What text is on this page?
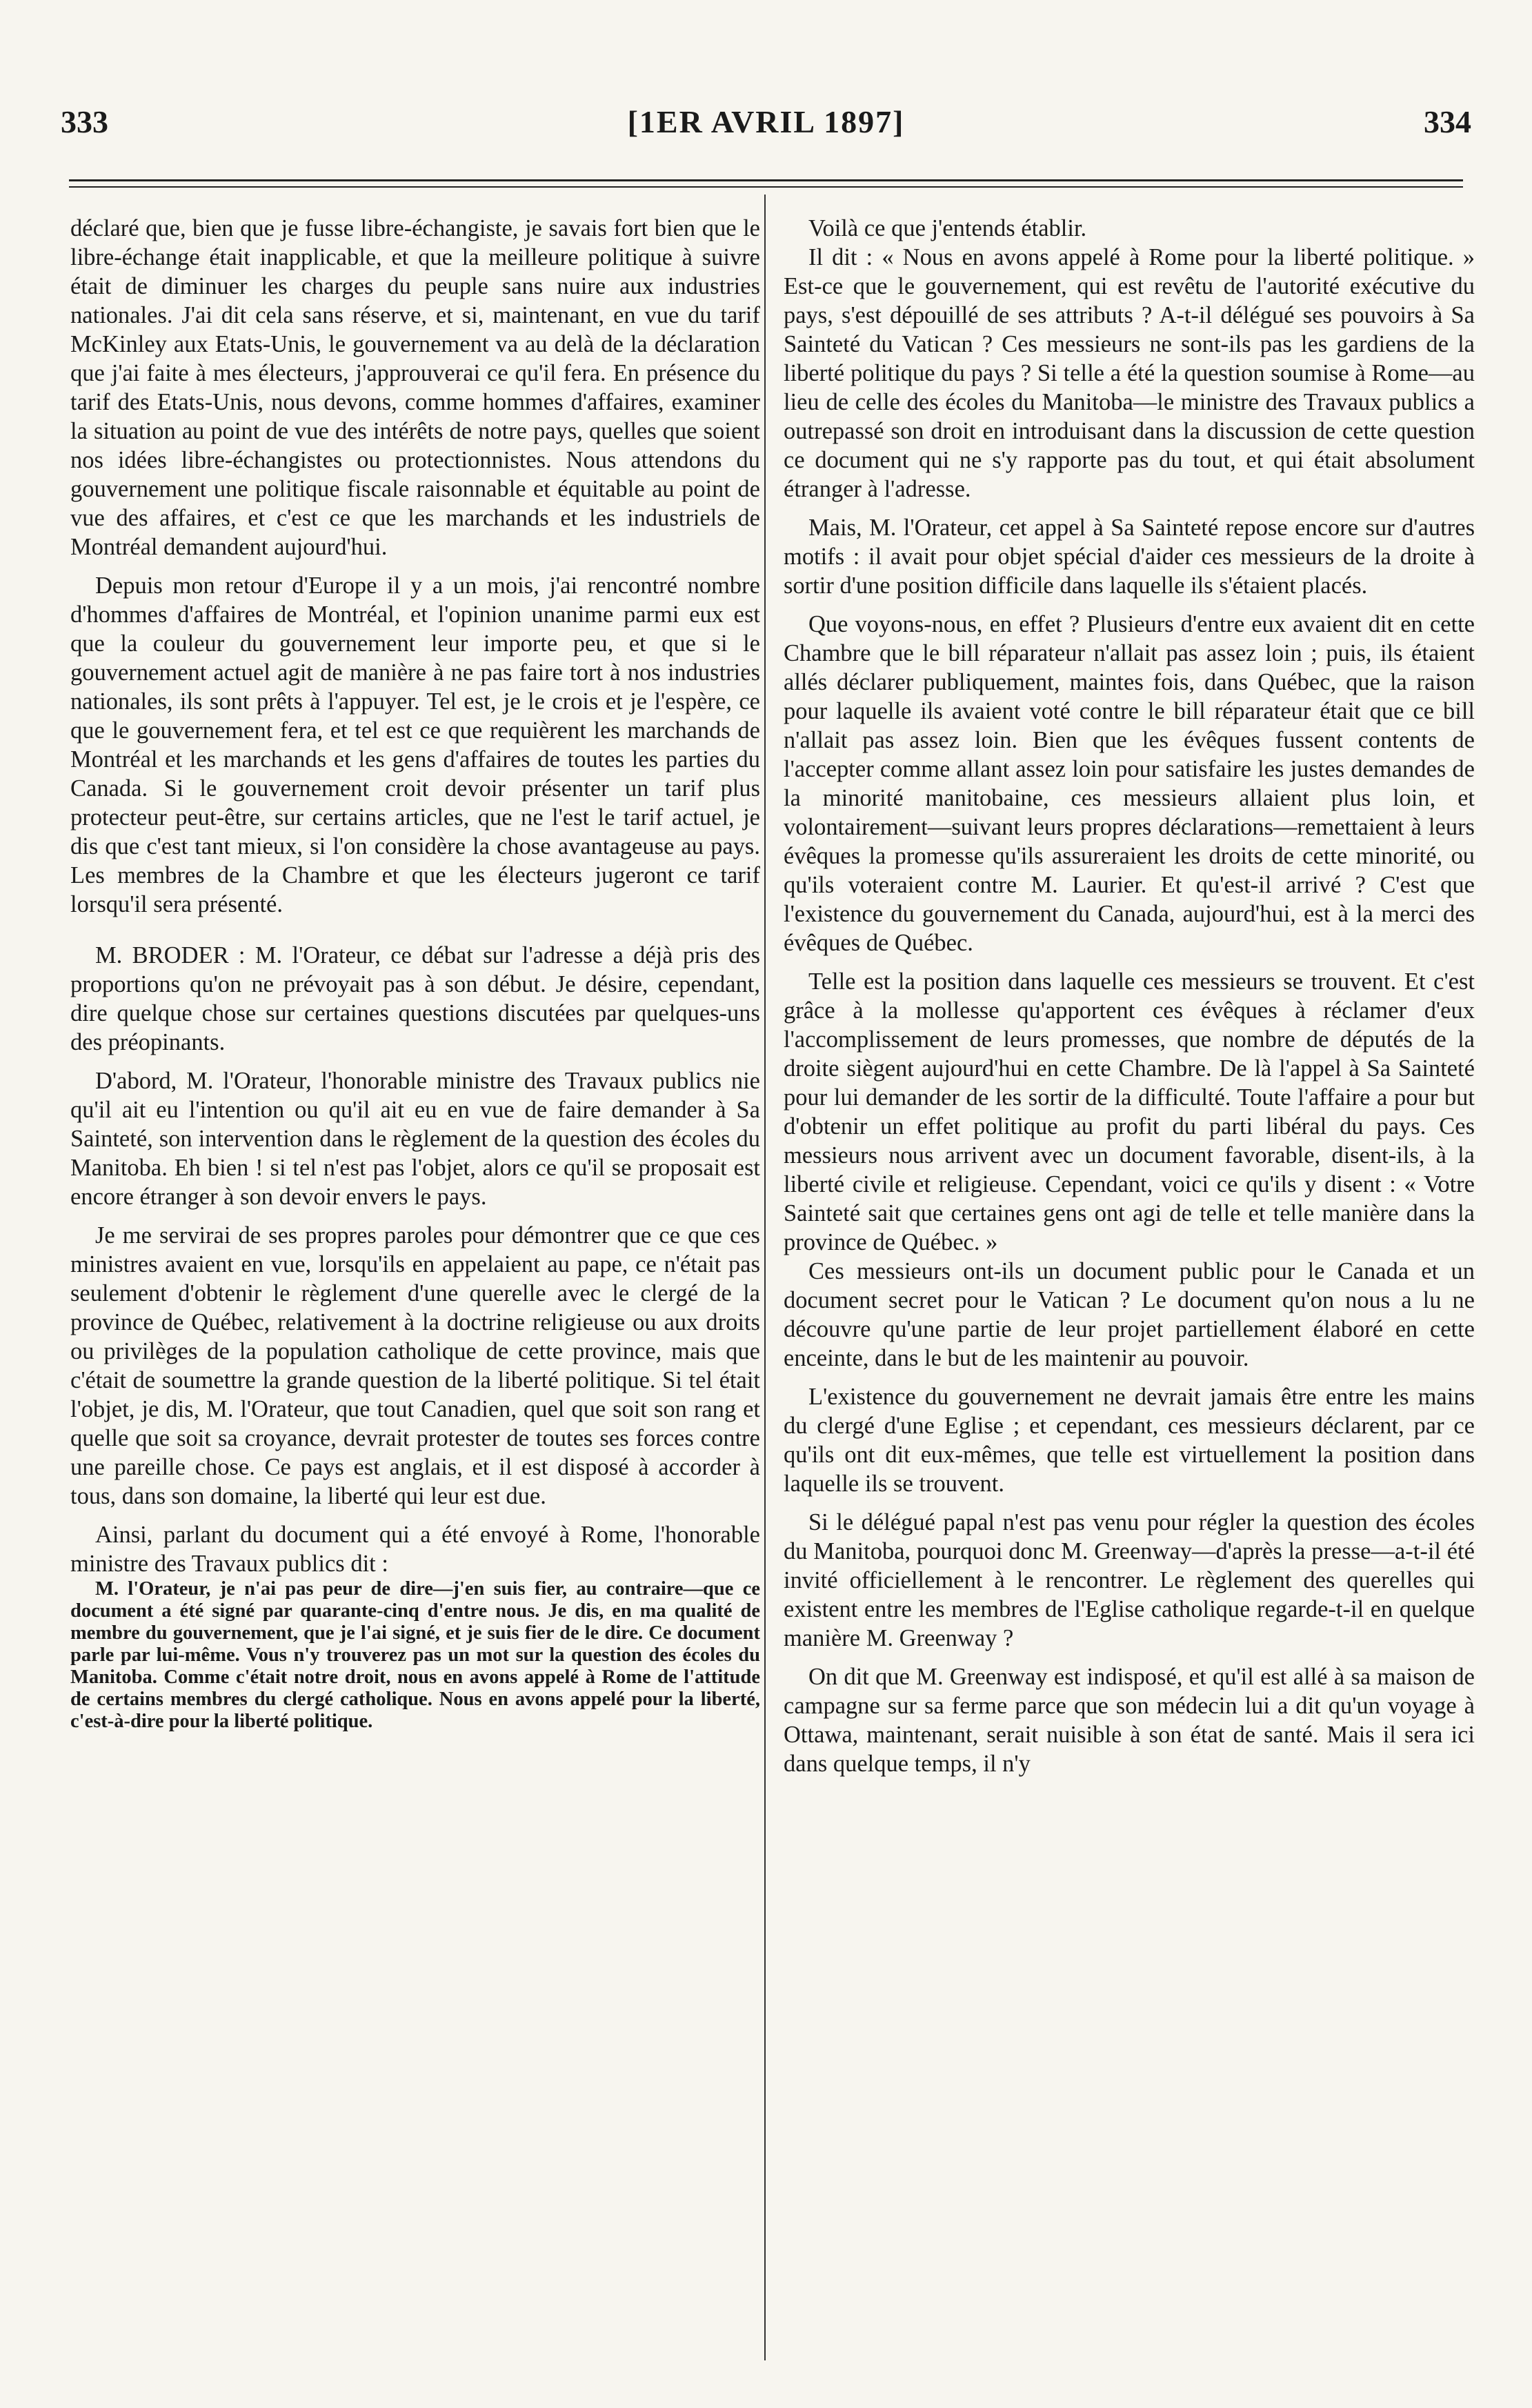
333	[1ER AVRIL 1897]	334

déclaré que, bien que je fusse libre-échangiste, je savais fort bien que le libre-échange était inapplicable, et que la meilleure politique à suivre était de diminuer les charges du peuple sans nuire aux industries nationales. J'ai dit cela sans réserve, et si, maintenant, en vue du tarif McKinley aux Etats-Unis, le gouvernement va au delà de la déclaration que j'ai faite à mes électeurs, j'approuverai ce qu'il fera. En présence du tarif des Etats-Unis, nous devons, comme hommes d'affaires, examiner la situation au point de vue des intérêts de notre pays, quelles que soient nos idées libre-échangistes ou protectionnistes. Nous attendons du gouvernement une politique fiscale raisonnable et équitable au point de vue des affaires, et c'est ce que les marchands et les industriels de Montréal demandent aujourd'hui.

Depuis mon retour d'Europe il y a un mois, j'ai rencontré nombre d'hommes d'affaires de Montréal, et l'opinion unanime parmi eux est que la couleur du gouvernement leur importe peu, et que si le gouvernement actuel agit de manière à ne pas faire tort à nos industries nationales, ils sont prêts à l'appuyer. Tel est, je le crois et je l'espère, ce que le gouvernement fera, et tel est ce que requièrent les marchands de Montréal et les marchands et les gens d'affaires de toutes les parties du Canada. Si le gouvernement croit devoir présenter un tarif plus protecteur peut-être, sur certains articles, que ne l'est le tarif actuel, je dis que c'est tant mieux, si l'on considère la chose avantageuse au pays. Les membres de la Chambre et que les électeurs jugeront ce tarif lorsqu'il sera présenté.

M. BRODER : M. l'Orateur, ce débat sur l'adresse a déjà pris des proportions qu'on ne prévoyait pas à son début. Je désire, cependant, dire quelque chose sur certaines questions discutées par quelques-uns des préopinants.

D'abord, M. l'Orateur, l'honorable ministre des Travaux publics nie qu'il ait eu l'intention ou qu'il ait eu en vue de faire demander à Sa Sainteté, son intervention dans le règlement de la question des écoles du Manitoba. Eh bien ! si tel n'est pas l'objet, alors ce qu'il se proposait est encore étranger à son devoir envers le pays.

Je me servirai de ses propres paroles pour démontrer que ce que ces ministres avaient en vue, lorsqu'ils en appelaient au pape, ce n'était pas seulement d'obtenir le règlement d'une querelle avec le clergé de la province de Québec, relativement à la doctrine religieuse ou aux droits ou privilèges de la population catholique de cette province, mais que c'était de soumettre la grande question de la liberté politique. Si tel était l'objet, je dis, M. l'Orateur, que tout Canadien, quel que soit son rang et quelle que soit sa croyance, devrait protester de toutes ses forces contre une pareille chose. Ce pays est anglais, et il est disposé à accorder à tous, dans son domaine, la liberté qui leur est due.

Ainsi, parlant du document qui a été envoyé à Rome, l'honorable ministre des Travaux publics dit :

M. l'Orateur, je n'ai pas peur de dire—j'en suis fier, au contraire—que ce document a été signé par quarante-cinq d'entre nous. Je dis, en ma qualité de membre du gouvernement, que je l'ai signé, et je suis fier de le dire. Ce document parle par lui-même. Vous n'y trouverez pas un mot sur la question des écoles du Manitoba. Comme c'était notre droit, nous en avons appelé à Rome de l'attitude de certains membres du clergé catholique. Nous en avons appelé pour la liberté, c'est-à-dire pour la liberté politique.

Voilà ce que j'entends établir.

Il dit : « Nous en avons appelé à Rome pour la liberté politique. » Est-ce que le gouvernement, qui est revêtu de l'autorité exécutive du pays, s'est dépouillé de ses attributs ? A-t-il délégué ses pouvoirs à Sa Sainteté du Vatican ? Ces messieurs ne sont-ils pas les gardiens de la liberté politique du pays ? Si telle a été la question soumise à Rome—au lieu de celle des écoles du Manitoba—le ministre des Travaux publics a outrepassé son droit en introduisant dans la discussion de cette question ce document qui ne s'y rapporte pas du tout, et qui était absolument étranger à l'adresse.

Mais, M. l'Orateur, cet appel à Sa Sainteté repose encore sur d'autres motifs : il avait pour objet spécial d'aider ces messieurs de la droite à sortir d'une position difficile dans laquelle ils s'étaient placés.

Que voyons-nous, en effet ? Plusieurs d'entre eux avaient dit en cette Chambre que le bill réparateur n'allait pas assez loin ; puis, ils étaient allés déclarer publiquement, maintes fois, dans Québec, que la raison pour laquelle ils avaient voté contre le bill réparateur était que ce bill n'allait pas assez loin. Bien que les évêques fussent contents de l'accepter comme allant assez loin pour satisfaire les justes demandes de la minorité manitobaine, ces messieurs allaient plus loin, et volontairement—suivant leurs propres déclarations—remettaient à leurs évêques la promesse qu'ils assureraient les droits de cette minorité, ou qu'ils voteraient contre M. Laurier. Et qu'est-il arrivé ? C'est que l'existence du gouvernement du Canada, aujourd'hui, est à la merci des évêques de Québec.

Telle est la position dans laquelle ces messieurs se trouvent. Et c'est grâce à la mollesse qu'apportent ces évêques à réclamer d'eux l'accomplissement de leurs promesses, que nombre de députés de la droite siègent aujourd'hui en cette Chambre. De là l'appel à Sa Sainteté pour lui demander de les sortir de la difficulté. Toute l'affaire a pour but d'obtenir un effet politique au profit du parti libéral du pays. Ces messieurs nous arrivent avec un document favorable, disent-ils, à la liberté civile et religieuse. Cependant, voici ce qu'ils y disent : « Votre Sainteté sait que certaines gens ont agi de telle et telle manière dans la province de Québec. »

Ces messieurs ont-ils un document public pour le Canada et un document secret pour le Vatican ? Le document qu'on nous a lu ne découvre qu'une partie de leur projet partiellement élaboré en cette enceinte, dans le but de les maintenir au pouvoir.

L'existence du gouvernement ne devrait jamais être entre les mains du clergé d'une Eglise ; et cependant, ces messieurs déclarent, par ce qu'ils ont dit eux-mêmes, que telle est virtuellement la position dans laquelle ils se trouvent.

Si le délégué papal n'est pas venu pour régler la question des écoles du Manitoba, pourquoi donc M. Greenway—d'après la presse—a-t-il été invité officiellement à le rencontrer. Le règlement des querelles qui existent entre les membres de l'Eglise catholique regarde-t-il en quelque manière M. Greenway ?

On dit que M. Greenway est indisposé, et qu'il est allé à sa maison de campagne sur sa ferme parce que son médecin lui a dit qu'un voyage à Ottawa, maintenant, serait nuisible à son état de santé. Mais il sera ici dans quelque temps, il n'y
